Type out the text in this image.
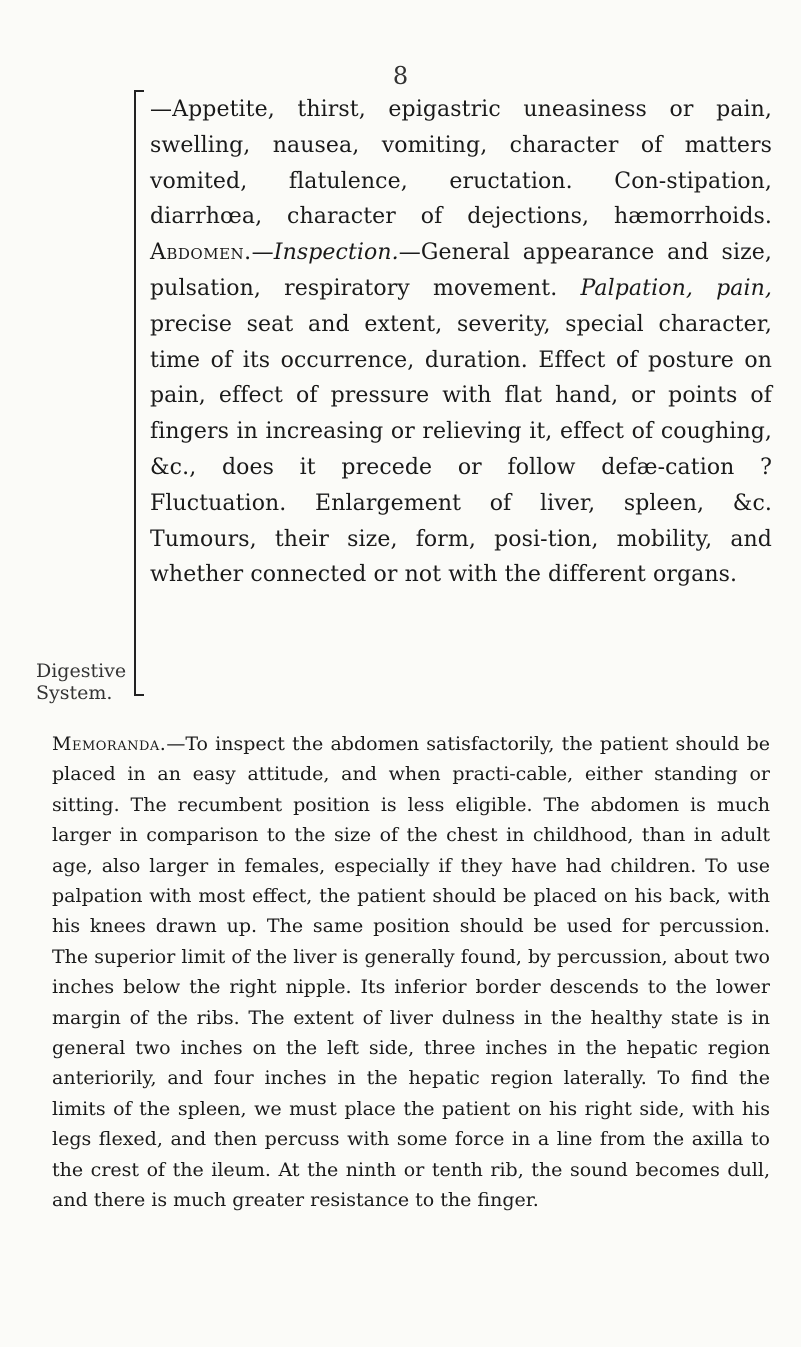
8
Digestive System.
—Appetite, thirst, epigastric uneasiness or pain, swelling, nausea, vomiting, character of matters vomited, flatulence, eructation. Con-stipation, diarrhœa, character of dejections, hæmorrhoids. Abdomen.—Inspection.—General appearance and size, pulsation, respiratory movement. Palpation, pain, precise seat and extent, severity, special character, time of its occurrence, duration. Effect of posture on pain, effect of pressure with flat hand, or points of fingers in increasing or relieving it, effect of coughing, &c., does it precede or follow defæ-cation ? Fluctuation. Enlargement of liver, spleen, &c. Tumours, their size, form, posi-tion, mobility, and whether connected or not with the different organs.
Memoranda.—To inspect the abdomen satisfactorily, the patient should be placed in an easy attitude, and when practi-cable, either standing or sitting. The recumbent position is less eligible. The abdomen is much larger in comparison to the size of the chest in childhood, than in adult age, also larger in females, especially if they have had children. To use palpation with most effect, the patient should be placed on his back, with his knees drawn up. The same position should be used for percussion. The superior limit of the liver is generally found, by percussion, about two inches below the right nipple. Its inferior border descends to the lower margin of the ribs. The extent of liver dulness in the healthy state is in general two inches on the left side, three inches in the hepatic region anteriorily, and four inches in the hepatic region laterally. To find the limits of the spleen, we must place the patient on his right side, with his legs flexed, and then percuss with some force in a line from the axilla to the crest of the ileum. At the ninth or tenth rib, the sound becomes dull, and there is much greater resistance to the finger.
